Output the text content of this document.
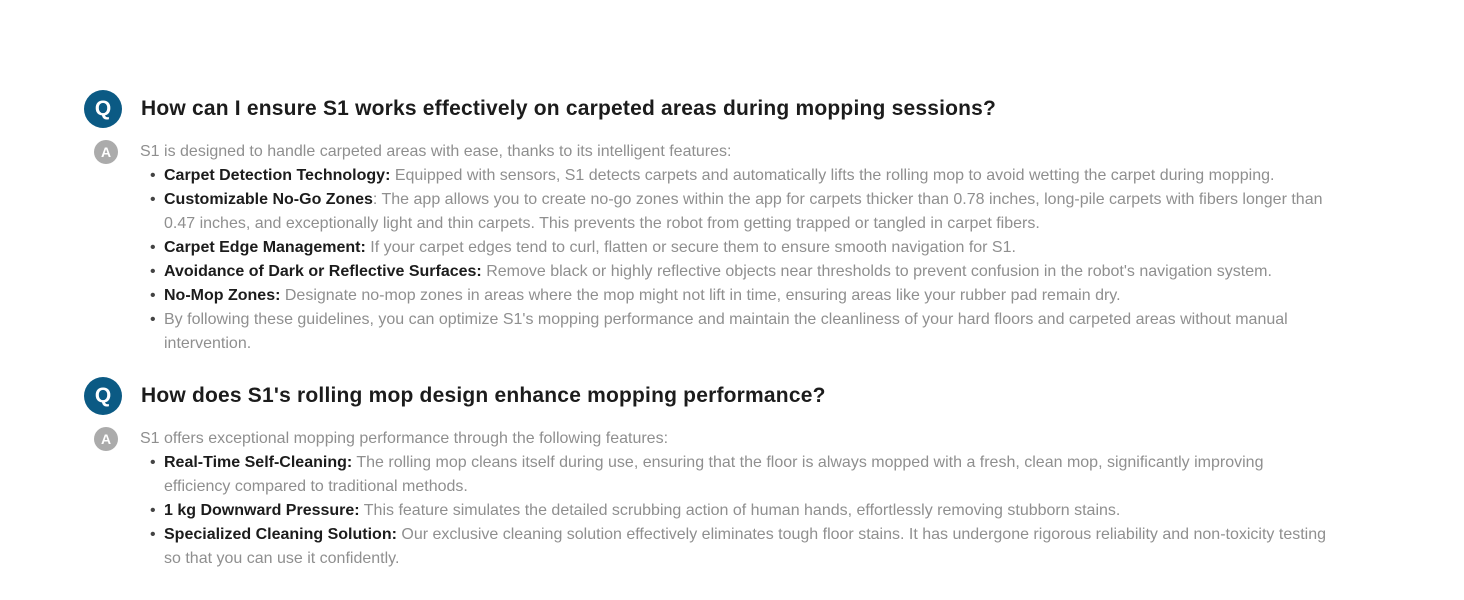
Q	How can I ensure S1 works effectively on carpeted areas during mopping sessions?
A	S1 is designed to handle carpeted areas with ease, thanks to its intelligent features:

• Carpet Detection Technology: Equipped with sensors, S1 detects carpets and automatically lifts the rolling mop to avoid wetting the carpet during mopping.
• Customizable No-Go Zones: The app allows you to create no-go zones within the app for carpets thicker than 0.78 inches, long-pile carpets with fibers longer than 0.47 inches, and exceptionally light and thin carpets. This prevents the robot from getting trapped or tangled in carpet fibers.
• Carpet Edge Management: If your carpet edges tend to curl, flatten or secure them to ensure smooth navigation for S1.
• Avoidance of Dark or Reflective Surfaces: Remove black or highly reflective objects near thresholds to prevent confusion in the robot's navigation system.
• No-Mop Zones: Designate no-mop zones in areas where the mop might not lift in time, ensuring areas like your rubber pad remain dry.
• By following these guidelines, you can optimize S1's mopping performance and maintain the cleanliness of your hard floors and carpeted areas without manual intervention.
Q	How does S1's rolling mop design enhance mopping performance?
A	S1 offers exceptional mopping performance through the following features:

• Real-Time Self-Cleaning: The rolling mop cleans itself during use, ensuring that the floor is always mopped with a fresh, clean mop, significantly improving efficiency compared to traditional methods.
• 1 kg Downward Pressure: This feature simulates the detailed scrubbing action of human hands, effortlessly removing stubborn stains.
• Specialized Cleaning Solution: Our exclusive cleaning solution effectively eliminates tough floor stains. It has undergone rigorous reliability and non-toxicity testing so that you can use it confidently.
